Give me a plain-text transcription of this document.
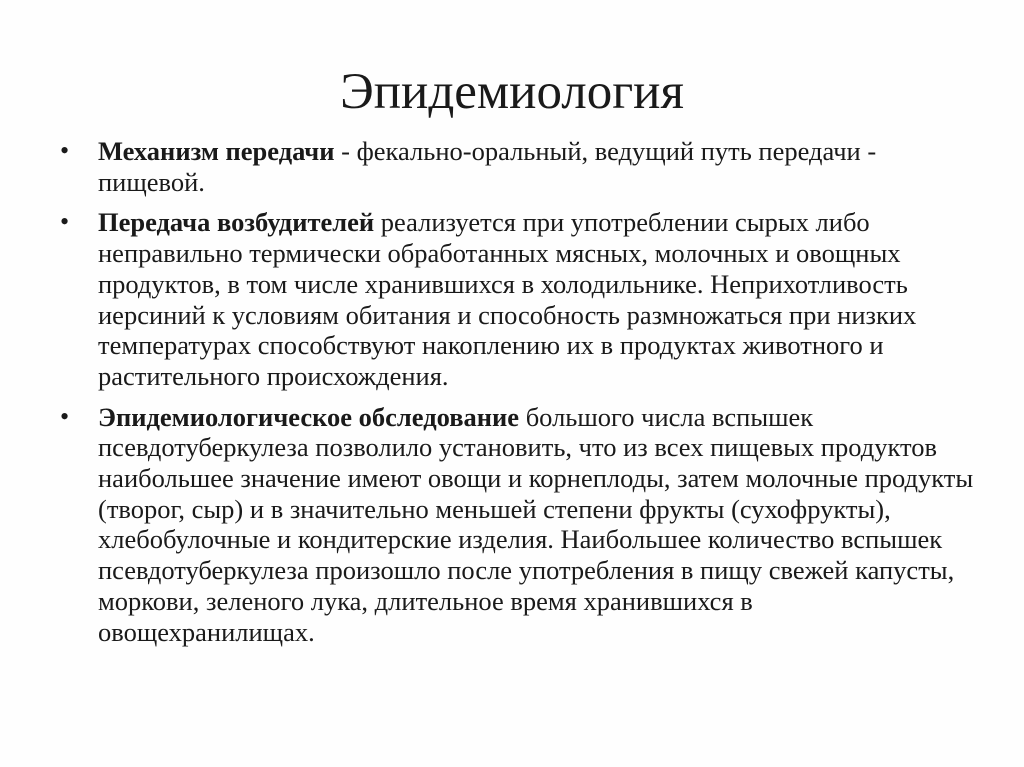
Эпидемиология
•	Механизм передачи - фекально-оральный, ведущий путь передачи - пищевой.
•	Передача возбудителей реализуется при употреблении сырых либо неправильно термически обработанных мясных, молочных и овощных продуктов, в том числе хранившихся в холодильнике. Неприхотливость иерсиний к условиям обитания и способность размножаться при низких температурах способствуют накоплению их в продуктах животного и растительного происхождения.
•	Эпидемиологическое обследование большого числа вспышек псевдотуберкулеза позволило установить, что из всех пищевых продуктов наибольшее значение имеют овощи и корнеплоды, затем молочные продукты (творог, сыр) и в значительно меньшей степени фрукты (сухофрукты), хлебобулочные и кондитерские изделия. Наибольшее количество вспышек псевдотуберкулеза произошло после употребления в пищу свежей капусты, моркови, зеленого лука, длительное время хранившихся в овощехранилищах.
